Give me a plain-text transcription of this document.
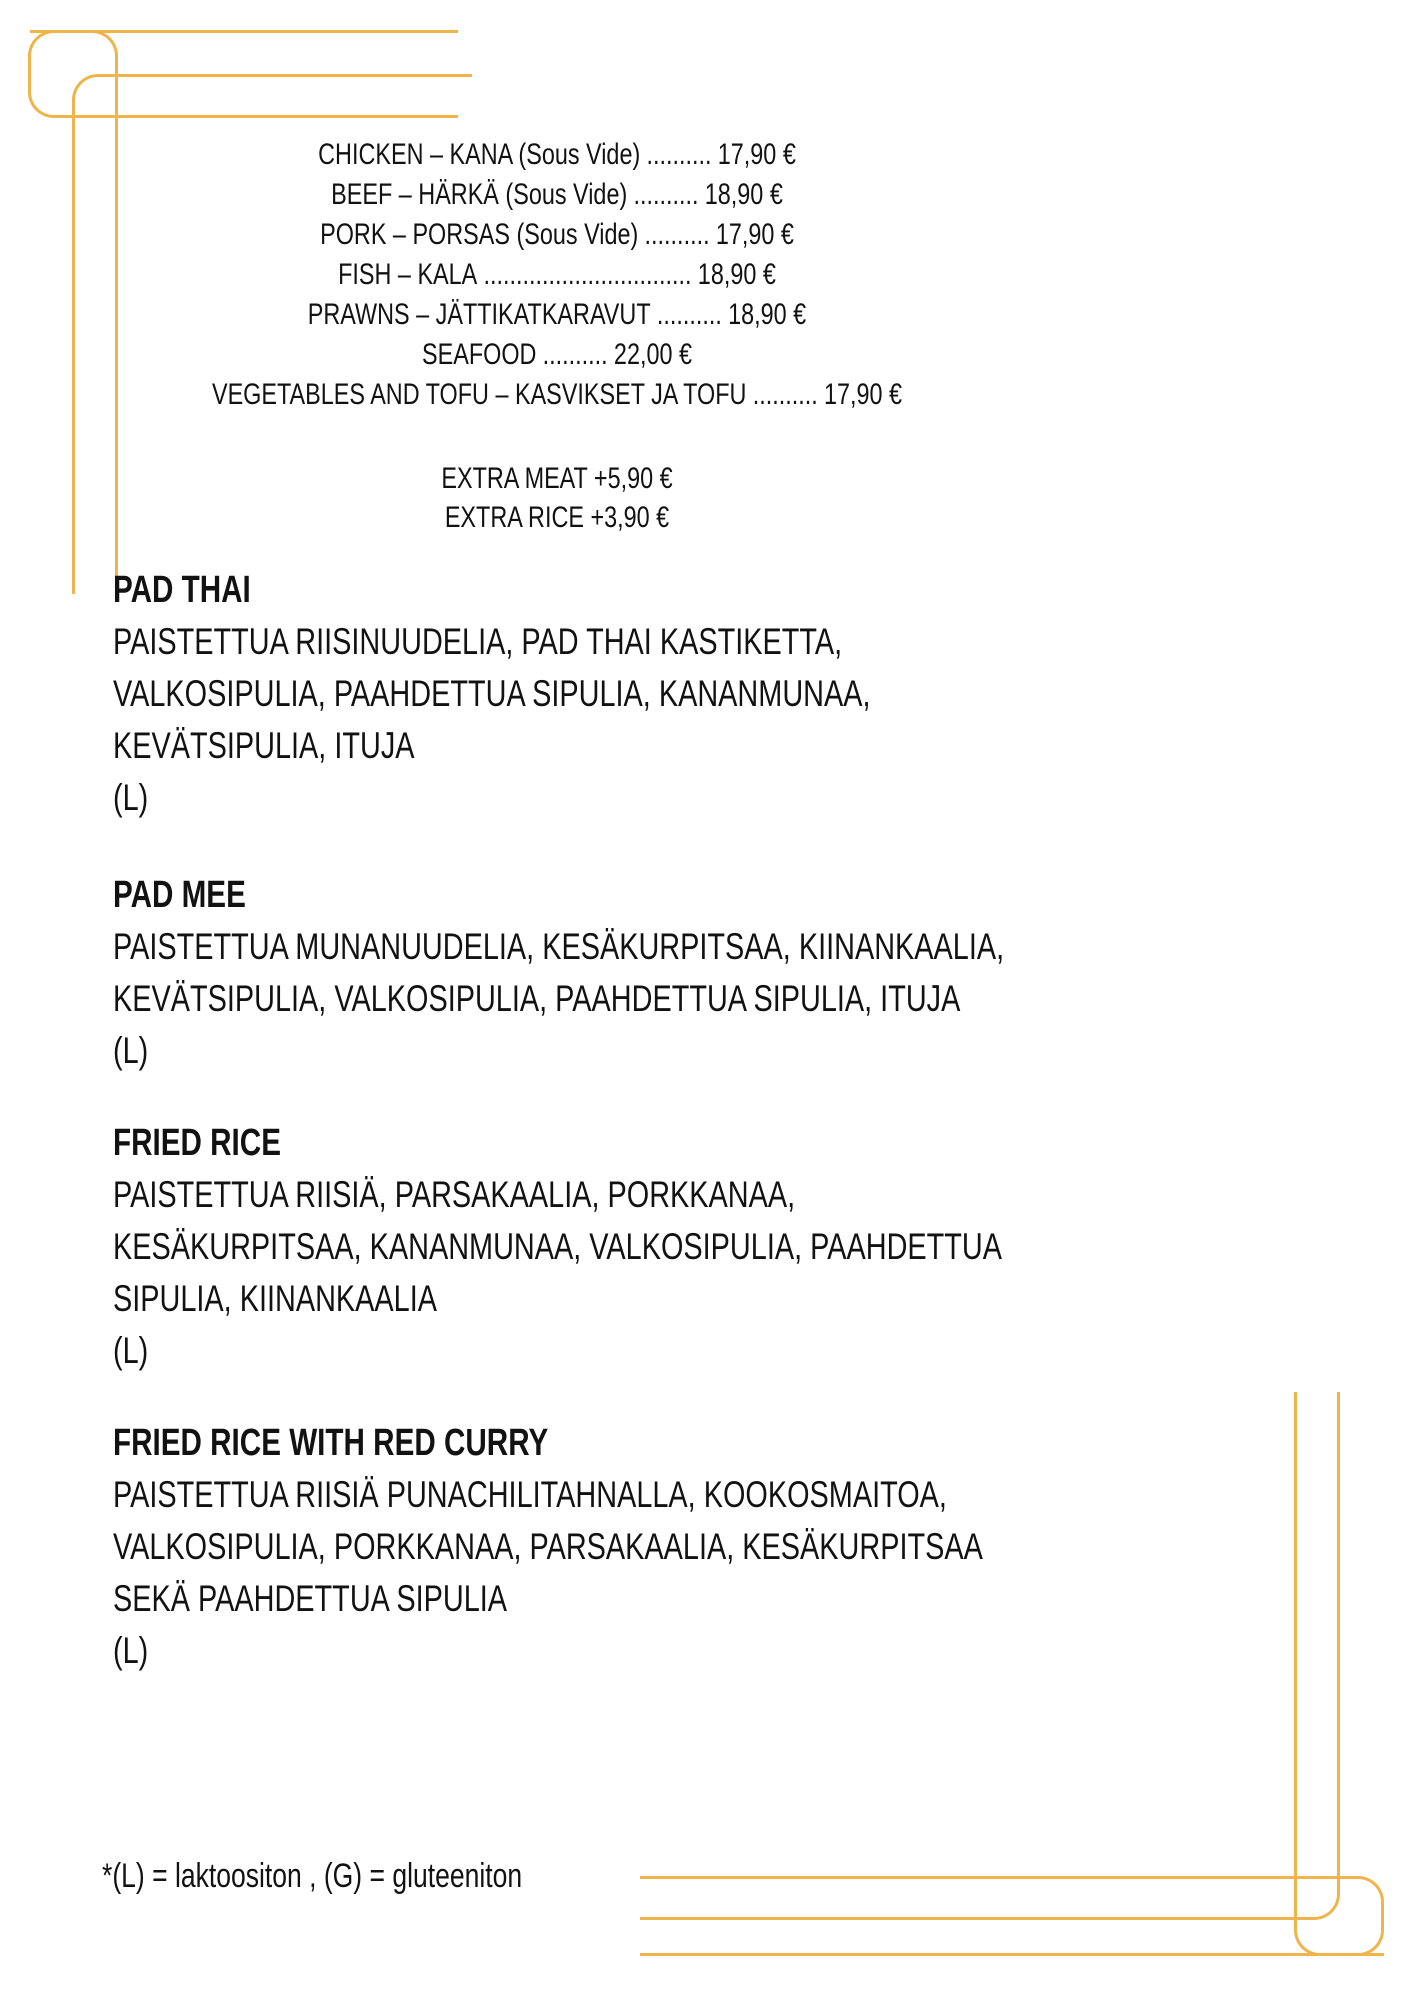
CHICKEN – KANA (Sous Vide) .......... 17,90 €
BEEF – HÄRKÄ (Sous Vide) .......... 18,90 €
PORK – PORSAS (Sous Vide) .......... 17,90 €
FISH – KALA ................................ 18,90 €
PRAWNS – JÄTTIKATKARAVUT .......... 18,90 €
SEAFOOD .......... 22,00 €
VEGETABLES AND TOFU – KASVIKSET JA TOFU .......... 17,90 €
EXTRA MEAT +5,90 €
EXTRA RICE +3,90 €
PAD THAI
PAISTETTUA RIISINUUDELIA, PAD THAI KASTIKETTA,
VALKOSIPULIA, PAAHDETTUA SIPULIA, KANANMUNAA,
KEVÄTSIPULIA, ITUJA
(L)
PAD MEE
PAISTETTUA MUNANUUDELIA, KESÄKURPITSAA, KIINANKAALIA,
KEVÄTSIPULIA, VALKOSIPULIA, PAAHDETTUA SIPULIA, ITUJA
(L)
FRIED RICE
PAISTETTUA RIISIÄ, PARSAKAALIA, PORKKANAA,
KESÄKURPITSAA, KANANMUNAA, VALKOSIPULIA, PAAHDETTUA
SIPULIA, KIINANKAALIA
(L)
FRIED RICE WITH RED CURRY
PAISTETTUA RIISIÄ PUNACHILITAHNALLA, KOOKOSMAITOA,
VALKOSIPULIA, PORKKANAA, PARSAKAALIA, KESÄKURPITSAA
SEKÄ PAAHDETTUA SIPULIA
(L)
*(L) = laktoositon , (G) = gluteeniton
